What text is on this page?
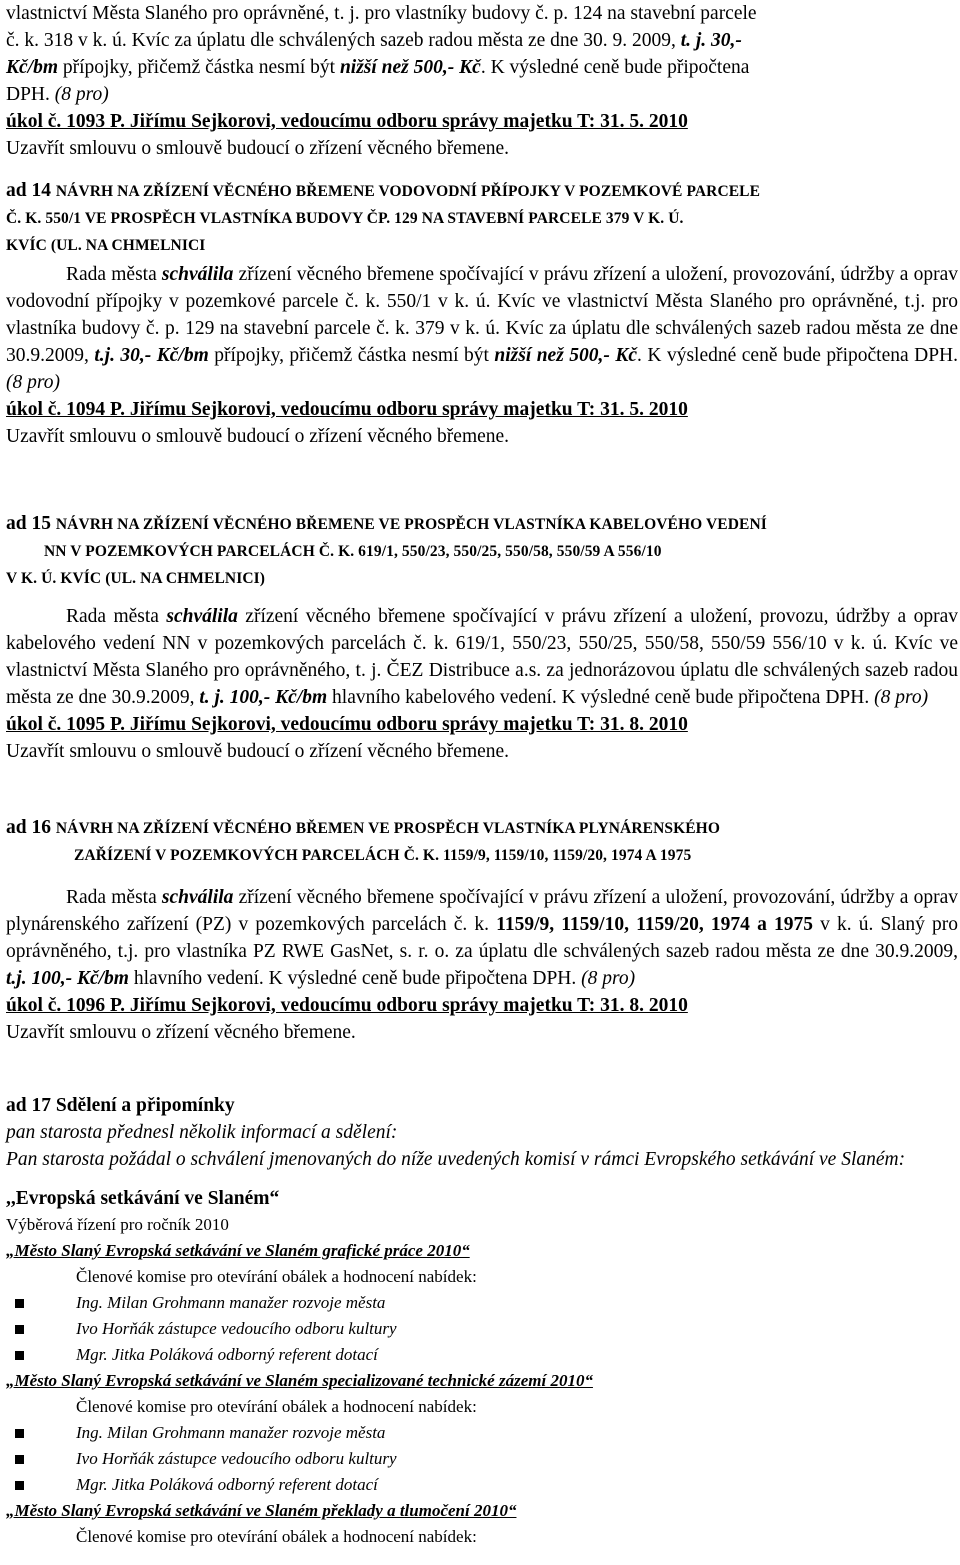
vlastnictví Města Slaného pro oprávněné, t. j. pro vlastníky budovy č. p. 124 na stavební parcele
č. k. 318 v k. ú. Kvíc za úplatu dle schválených sazeb radou města ze dne 30. 9. 2009, t. j. 30,-
Kč/bm přípojky, přičemž částka nesmí být nižší než 500,- Kč. K výsledné ceně bude připočtena
DPH. (8 pro)
úkol č. 1093 P. Jiřímu Sejkorovi, vedoucímu odboru správy majetku T: 31. 5. 2010
Uzavřít smlouvu o smlouvě budoucí o zřízení věcného břemene.
ad 14 NÁVRH NA ZŘÍZENÍ VĚCNÉHO BŘEMENE VODOVODNÍ PŘÍPOJKY V POZEMKOVÉ PARCELE
Č. K. 550/1 VE PROSPĚCH VLASTNÍKA BUDOVY ČP. 129 NA STAVEBNÍ PARCELE 379 V K. Ú.
KVÍC (UL. NA CHMELNICI
Rada města schválila zřízení věcného břemene spočívající v právu zřízení a uložení, provozování, údržby a oprav vodovodní přípojky v pozemkové parcele č. k. 550/1 v k. ú. Kvíc ve vlastnictví Města Slaného pro oprávněné, t.j. pro vlastníka budovy č. p. 129 na stavební parcele č. k. 379 v k. ú. Kvíc za úplatu dle schválených sazeb radou města ze dne 30.9.2009, t.j. 30,- Kč/bm přípojky, přičemž částka nesmí být nižší než 500,- Kč. K výsledné ceně bude připočtena DPH. (8 pro)
úkol č. 1094 P. Jiřímu Sejkorovi, vedoucímu odboru správy majetku T: 31. 5. 2010
Uzavřít smlouvu o smlouvě budoucí o zřízení věcného břemene.
ad 15 NÁVRH NA ZŘÍZENÍ VĚCNÉHO BŘEMENE VE PROSPĚCH VLASTNÍKA KABELOVÉHO VEDENÍ
NN V POZEMKOVÝCH PARCELÁCH Č. K. 619/1, 550/23, 550/25, 550/58, 550/59 A 556/10
V K. Ú. KVÍC (UL. NA CHMELNICI)
Rada města schválila zřízení věcného břemene spočívající v právu zřízení a uložení, provozu, údržby a oprav kabelového vedení NN v pozemkových parcelách č. k. 619/1, 550/23, 550/25, 550/58, 550/59 556/10 v k. ú. Kvíc ve vlastnictví Města Slaného pro oprávněného, t. j. ČEZ Distribuce a.s. za jednorázovou úplatu dle schválených sazeb radou města ze dne 30.9.2009, t. j. 100,- Kč/bm hlavního kabelového vedení. K výsledné ceně bude připočtena DPH. (8 pro)
úkol č. 1095 P. Jiřímu Sejkorovi, vedoucímu odboru správy majetku T: 31. 8. 2010
Uzavřít smlouvu o smlouvě budoucí o zřízení věcného břemene.
ad 16 NÁVRH NA ZŘÍZENÍ VĚCNÉHO BŘEMEN VE PROSPĚCH VLASTNÍKA PLYNÁRENSKÉHO
ZAŘÍZENÍ V POZEMKOVÝCH PARCELÁCH Č. K. 1159/9, 1159/10, 1159/20, 1974 A 1975
Rada města schválila zřízení věcného břemene spočívající v právu zřízení a uložení, provozování, údržby a oprav plynárenského zařízení (PZ) v pozemkových parcelách č. k. 1159/9, 1159/10, 1159/20, 1974 a 1975 v k. ú. Slaný pro oprávněného, t.j. pro vlastníka PZ RWE GasNet, s. r. o. za úplatu dle schválených sazeb radou města ze dne 30.9.2009, t.j. 100,- Kč/bm hlavního vedení. K výsledné ceně bude připočtena DPH. (8 pro)
úkol č. 1096 P. Jiřímu Sejkorovi, vedoucímu odboru správy majetku T: 31. 8. 2010
Uzavřít smlouvu o zřízení věcného břemene.
ad 17 Sdělení a připomínky
pan starosta přednesl několik informací a sdělení:
Pan starosta požádal o schválení jmenovaných do níže uvedených komisí v rámci Evropského setkávání ve Slaném:
,,Evropská setkávání ve Slaném“
Výběrová řízení pro ročník 2010
„Město Slaný Evropská setkávání ve Slaném grafické práce 2010“
Členové komise pro otevírání obálek a hodnocení nabídek:
Ing. Milan Grohmann manažer rozvoje města
Ivo Horňák zástupce vedoucího odboru kultury
Mgr. Jitka Poláková odborný referent dotací
„Město Slaný Evropská setkávání ve Slaném specializované technické zázemí 2010“
Členové komise pro otevírání obálek a hodnocení nabídek:
Ing. Milan Grohmann manažer rozvoje města
Ivo Horňák zástupce vedoucího odboru kultury
Mgr. Jitka Poláková odborný referent dotací
„Město Slaný Evropská setkávání ve Slaném překlady a tlumočení 2010“
Členové komise pro otevírání obálek a hodnocení nabídek:
